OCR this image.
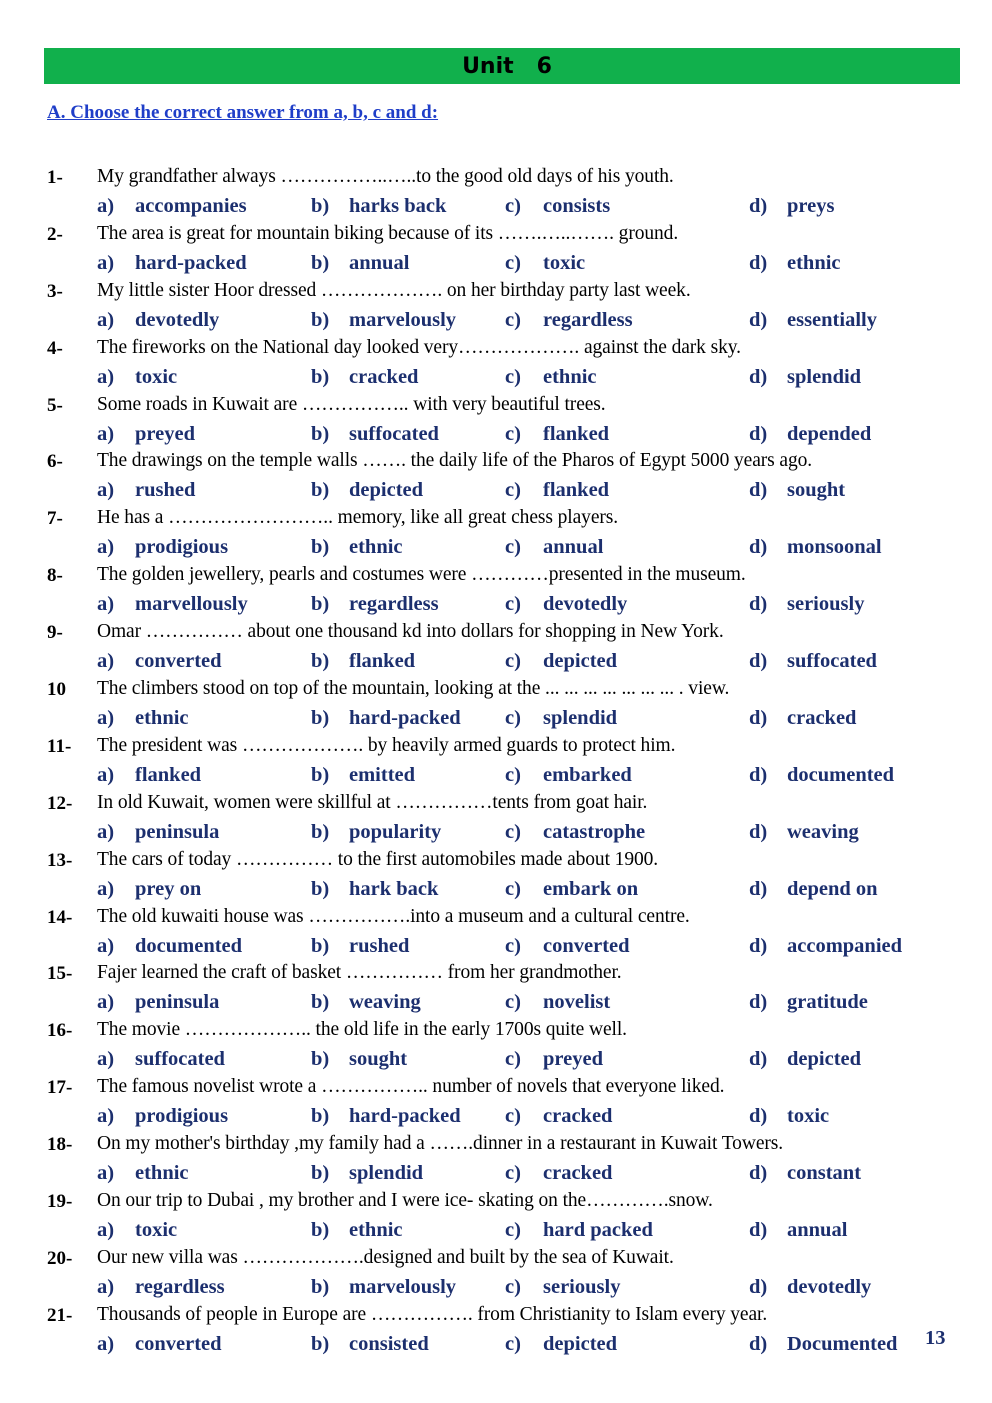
Unit   6
A. Choose the correct answer from a, b, c and d:
1- My grandfather always ……………..…..to the good old days of his youth.
a) accompanies	b) harks back	c) consists	d) preys
2- The area is great for mountain biking because of its …….…..……. ground.
a) hard-packed	b) annual	c) toxic	d) ethnic
3- My little sister Hoor dressed ………………. on her birthday party last week.
a) devotedly	b) marvelously c) regardless	d) essentially
4- The fireworks on the National day looked very………………. against the dark sky.
a) toxic	b) cracked	c) ethnic	d) splendid
5- Some roads in Kuwait are …………….. with very beautiful trees.
a) preyed	b) suffocated	c) flanked	d) depended
6- The drawings on the temple walls ……. the daily life of the Pharos of Egypt 5000 years ago.
a) rushed	b) depicted	c) flanked	d) sought
7- He has a …………………….. memory, like all great chess players.
a) prodigious	b) ethnic	c) annual	d) monsoonal
8- The golden jewellery, pearls and costumes were …………presented in the museum.
a) marvellously	b) regardless	c) devotedly	d) seriously
9- Omar …………… about one thousand kd into dollars for shopping in New York.
a) converted	b) flanked	c) depicted	d) suffocated
10 The climbers stood on top of the mountain, looking at the ... ... ... ... ... ... ... . view.
a) ethnic	b) hard-packed c) splendid	d) cracked
11- The president was ………………. by heavily armed guards to protect him.
a) flanked	b) emitted	c) embarked	d) documented
12- In old Kuwait, women were skillful at ……………tents from goat hair.
a) peninsula	b) popularity	c) catastrophe	d) weaving
13- The cars of today …………… to the first automobiles made about 1900.
a) prey on	b) hark back	c) embark on	d) depend on
14- The old kuwaiti house was …………….into a museum and a cultural centre.
a) documented	b) rushed	c) converted	d) accompanied
15- Fajer learned the craft of basket …………… from her grandmother.
a) peninsula	b) weaving	c) novelist	d) gratitude
16- The movie ……………….. the old life in the early 1700s quite well.
a) suffocated	b) sought	c) preyed	d) depicted
17- The famous novelist wrote a …………….. number of novels that everyone liked.
a) prodigious	b) hard-packed c) cracked	d) toxic
18- On my mother's birthday ,my family had a …….dinner in a restaurant in Kuwait Towers.
a) ethnic	b) splendid	c) cracked	d) constant
19- On our trip to Dubai , my brother and I were ice- skating on the………….snow.
a) toxic	b) ethnic	c) hard packed	d) annual
20- Our new villa was ……………….designed and built by the sea of Kuwait.
a) regardless	b) marvelously c) seriously	d) devotedly
21- Thousands of people in Europe are ……………. from Christianity to Islam every year.
a) converted	b) consisted	c) depicted	d) Documented 13
